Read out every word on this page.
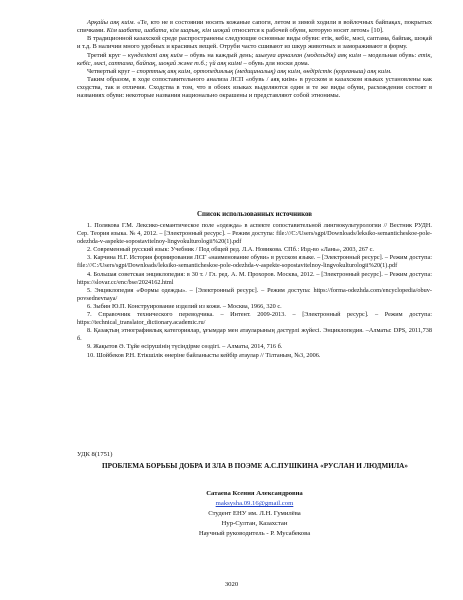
Арқайы аяқ киім. «Те, кто не в состоянии носить кожаные сапоги, летом и зимой ходили в войлочных байпақах, покрытых спичками. Кім шабата, шабата, кім шарық, кім шоқай относится к рабочей обуви, которую носят летом» [10].

В традиционной казахской среде распространены следующие основные виды обуви: етік, кебіс, мәсі, саптама, байпақ, шоқай и т.д. В наличии много удобных и красивых вещей. Отруби часто сшивают из шкур животных и замораживают в форму.

Третий круг – күнделікті аяқ киім – обувь на каждый день; шығуға арналған (модельдік) аяқ киім – модельная обувь: етік, кебіс, мәсі, саптама, байпақ, шоқай және т.б.; үй аяқ киімі – обувь для носки дома.

Четвертый круг – спорттық аяқ киім, ортопедиялық (медициналық) аяқ киім, өндірістік (қорғаныш) аяқ киім.

Таким образом, в ходе сопоставительного анализа ЛСП «обувь / аяқ киім» в русском и казахском языках установлены как сходства, так и отличия. Сходства в том, что в обоих языках выделяются один и те же виды обуви, расхождения состоят в названиях обуви: некоторые названия национально окрашены и представляют собой этнонимы.

Список использованных источников
1. Полякова Г.М. Лексико-семантическое поле «одежда» в аспекте сопоставительной лингвокультурологии // Вестник РУДН. Сер. Теория языка. № 4, 2012. – [Электронный ресурс]. – Режим доступа: file:///C:/Users/sgpi/Downloads/leksiko-semanticheskoe-pole-odezhda-v-aspekte-sopostavitelnoy-lingvokulturologii%20(1).pdf
2. Современный русский язык: Учебник / Под общей ред. Л.А. Новикова. СПб.: Изд-во «Лань», 2003, 267 с.
3. Карчина Н.Г. История формирования ЛСГ «наименование обуви» в русском языке. – [Электронный ресурс]. – Режим доступа: file:///C:/Users/sgpi/Downloads/leksiko-semanticheskoe-pole-odezhda-v-aspekte-sopostavitelnoy-lingvokulturologii%20(1).pdf
4. Большая советская энциклопедия: в 30 т. / Гл. ред. А. М. Прохоров. Москва, 2012. – [Электронный ресурс]. – Режим доступа: https://slovar.cc/enc/bse/2024162.html
5. Энциклопедия «Формы одежды». – [Электронный ресурс]. – Режим доступа: https://forma-odezhda.com/encyclopedia/obuv-povsednevnaya/
6. Зыбин Ю.П. Конструирование изделий из кожи. – Москва, 1966, 320 с.
7. Справочник технического переводчика. – Интент. 2009-2013. – [Электронный ресурс]. – Режим доступа: https://technical_translator_dictionary.academic.ru/
8. Қазақтың этнографиялық категориялар, ұғымдар мен атауларының дәстүрлі жүйесі. Энциклопедия. –Алматы: DPS, 2011,738 б.
9. Жақытов Ә. Тұйе өсірушінің түсіндірме сөздігі. – Алматы, 2014, 716 б.
10. Шойбеков Р.Н. Етікшілік өнеріне байланысты кейбір атаулар // Тілтаным, №3, 2006.
УДК 8(1751)
ПРОБЛЕМА БОРЬБЫ ДОБРА И ЗЛА В ПОЭМЕ А.С.ПУШКИНА «РУСЛАН И ЛЮДМИЛА»
Сатаева Ксения Александровна
maksysha.09.16@gmail.com
Студент ЕНУ им. Л.Н. Гумилёва
Нур-Султан, Казахстан
Научный руководитель - Р. Мусабекова
3020
